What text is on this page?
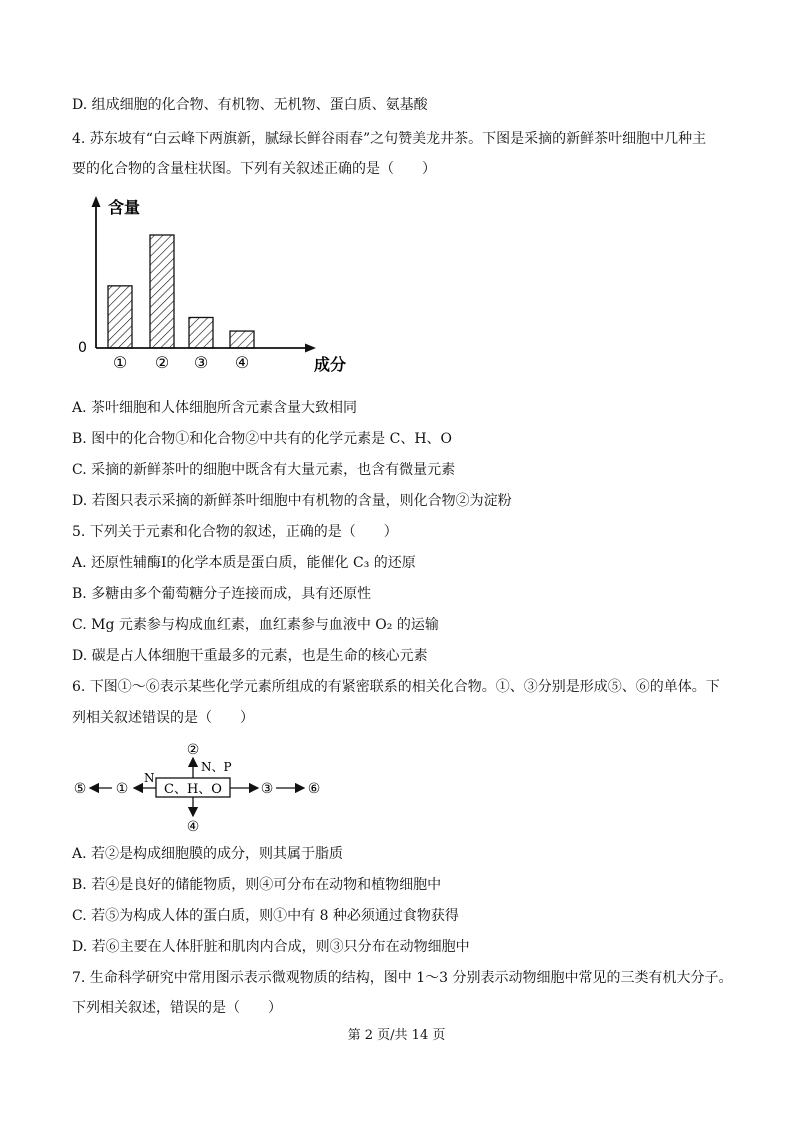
D. 组成细胞的化合物、有机物、无机物、蛋白质、氨基酸
4. 苏东坡有“白云峰下两旗新，腻绿长鲜谷雨春”之句赞美龙井茶。下图是采摘的新鲜茶叶细胞中几种主
要的化合物的含量柱状图。下列有关叙述正确的是（　　）
含量
成分
0
① ② ③ ④
A. 茶叶细胞和人体细胞所含元素含量大致相同
B. 图中的化合物①和化合物②中共有的化学元素是 C、H、O
C. 采摘的新鲜茶叶的细胞中既含有大量元素，也含有微量元素
D. 若图只表示采摘的新鲜茶叶细胞中有机物的含量，则化合物②为淀粉
5. 下列关于元素和化合物的叙述，正确的是（　　）
A. 还原性辅酶Ⅰ的化学本质是蛋白质，能催化 C₃ 的还原
B. 多糖由多个葡萄糖分子连接而成，具有还原性
C. Mg 元素参与构成血红素，血红素参与血液中 O₂ 的运输
D. 碳是占人体细胞干重最多的元素，也是生命的核心元素
6. 下图①～⑥表示某些化学元素所组成的有紧密联系的相关化合物。①、③分别是形成⑤、⑥的单体。下
列相关叙述错误的是（　　）
C、H、O
②
N、P
④
N
①
⑤	③ ⑥
A. 若②是构成细胞膜的成分，则其属于脂质
B. 若④是良好的储能物质，则④可分布在动物和植物细胞中
C. 若⑤为构成人体的蛋白质，则①中有 8 种必须通过食物获得
D. 若⑥主要在人体肝脏和肌肉内合成，则③只分布在动物细胞中
7. 生命科学研究中常用图示表示微观物质的结构，图中 1～3 分别表示动物细胞中常见的三类有机大分子。
下列相关叙述，错误的是（　　）
第 2 页/共 14 页
